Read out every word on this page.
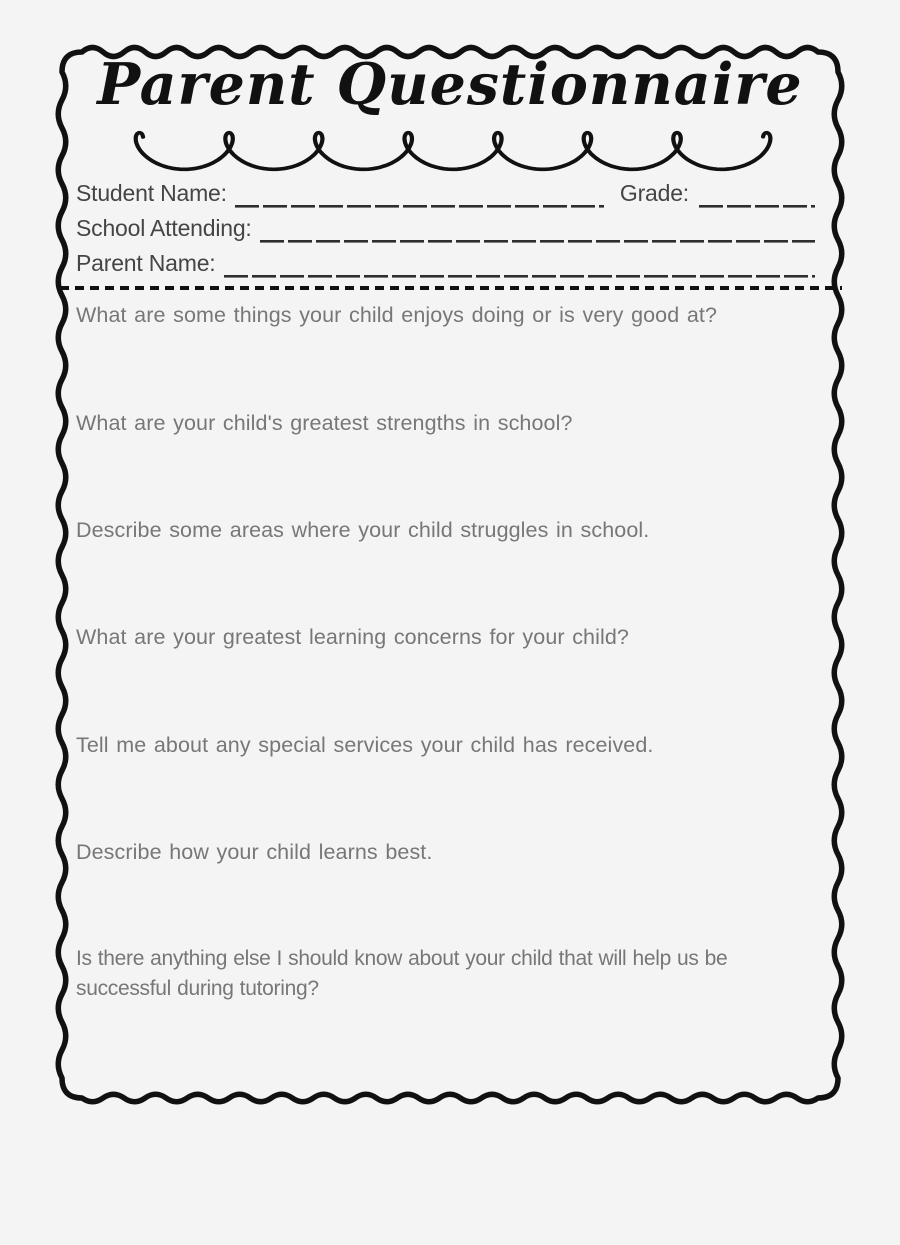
Parent Questionnaire
Student Name:	Grade:
School Attending:
Parent Name:
What are some things your child enjoys doing or is very good at?
What are your child's greatest strengths in school?
Describe some areas where your child struggles in school.
What are your greatest learning concerns for your child?
Tell me about any special services your child has received.
Describe how your child learns best.
Is there anything else I should know about your child that will help us be successful during tutoring?
